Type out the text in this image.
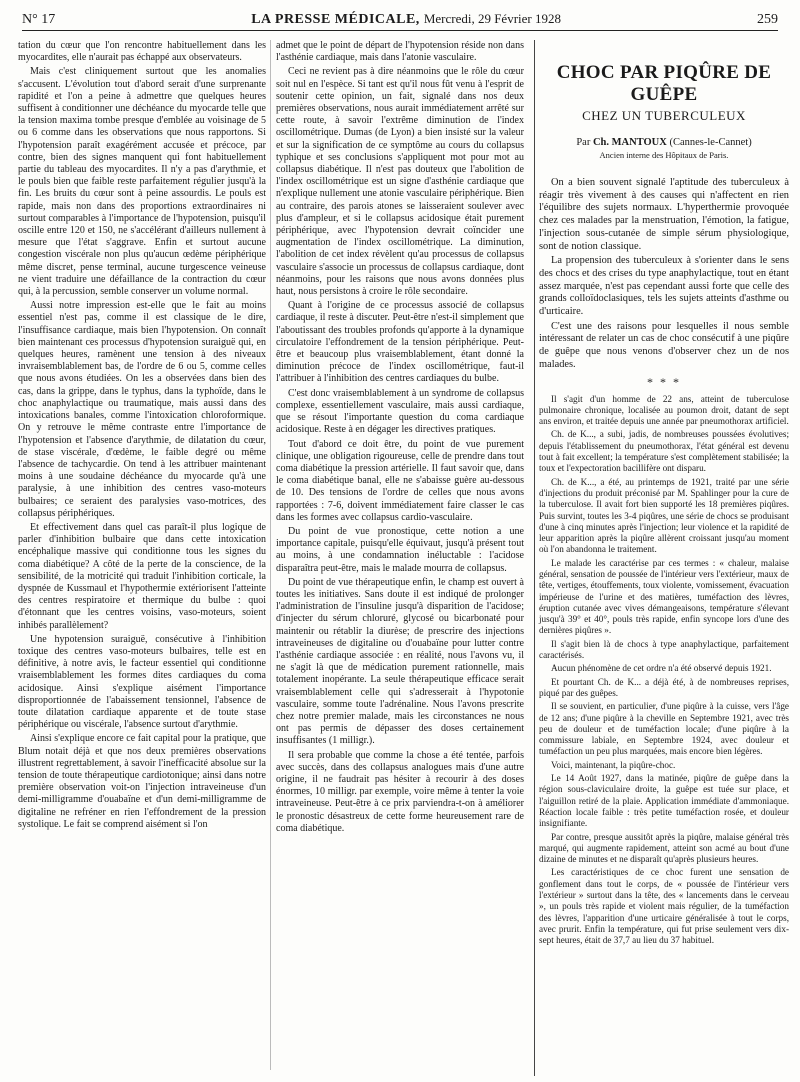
N° 17	LA PRESSE MÉDICALE, Mercredi, 29 Février 1928	259

tation du cœur que l'on rencontre habituellement dans les myocardites, elle n'aurait pas échappé aux observateurs.

Mais c'est cliniquement surtout que les anomalies s'accusent. L'évolution tout d'abord serait d'une surprenante rapidité et l'on a peine à admettre que quelques heures suffisent à conditionner une déchéance du myocarde telle que la tension maxima tombe presque d'emblée au voisinage de 5 ou 6 comme dans les observations que nous rapportons. Si l'hypotension paraît exagérément accusée et précoce, par contre, bien des signes manquent qui font habituellement partie du tableau des myocardites. Il n'y a pas d'arythmie, et le pouls bien que faible reste parfaitement régulier jusqu'à la fin. Les bruits du cœur sont à peine assourdis. Le pouls est rapide, mais non dans des proportions extraordinaires ni surtout comparables à l'importance de l'hypotension, puisqu'il oscille entre 120 et 150, ne s'accélérant d'ailleurs nullement à mesure que l'état s'aggrave. Enfin et surtout aucune congestion viscérale non plus qu'aucun œdème périphérique même discret, pense terminal, aucune turgescence veineuse ne vient traduire une défaillance de la contraction du cœur qui, à la percussion, semble conserver un volume normal.

Aussi notre impression est-elle que le fait au moins essentiel n'est pas, comme il est classique de le dire, l'insuffisance cardiaque, mais bien l'hypotension. On connaît bien maintenant ces processus d'hypotension suraiguë qui, en quelques heures, ramènent une tension à des niveaux invraisemblablement bas, de l'ordre de 6 ou 5, comme celles que nous avons étudiées. On les a observées dans bien des cas, dans la grippe, dans le typhus, dans la typhoïde, dans le choc anaphylactique ou traumatique, mais aussi dans des intoxications banales, comme l'intoxication chloroformique. On y retrouve le même contraste entre l'importance de l'hypotension et l'absence d'arythmie, de dilatation du cœur, de stase viscérale, d'œdème, le faible degré ou même l'absence de tachycardie. On tend à les attribuer maintenant moins à une soudaine déchéance du myocarde qu'à une paralysie, à une inhibition des centres vaso-moteurs bulbaires; ce seraient des paralysies vaso-motrices, des collapsus périphériques.

Et effectivement dans quel cas paraît-il plus logique de parler d'inhibition bulbaire que dans cette intoxication encéphalique massive qui conditionne tous les signes du coma diabétique? A côté de la perte de la conscience, de la sensibilité, de la motricité qui traduit l'inhibition corticale, la dyspnée de Kussmaul et l'hypothermie extériorisent l'atteinte des centres respiratoire et thermique du bulbe : quoi d'étonnant que les centres voisins, vaso-moteurs, soient inhibés parallèlement?

Une hypotension suraiguë, consécutive à l'inhibition toxique des centres vaso-moteurs bulbaires, telle est en définitive, à notre avis, le facteur essentiel qui conditionne vraisemblablement les formes dites cardiaques du coma acidosique. Ainsi s'explique aisément l'importance disproportionnée de l'abaissement tensionnel, l'absence de toute dilatation cardiaque apparente et de toute stase périphérique ou viscérale, l'absence surtout d'arythmie.

Ainsi s'explique encore ce fait capital pour la pratique, que Blum notait déjà et que nos deux premières observations illustrent regrettablement, à savoir l'inefficacité absolue sur la tension de toute thérapeutique cardiotonique; ainsi dans notre première observation voit-on l'injection intraveineuse d'un demi-milligramme d'ouabaïne et d'un demi-milligramme de digitaline ne refréner en rien l'effondrement de la pression systolique. Le fait se comprend aisément si l'on

admet que le point de départ de l'hypotension réside non dans l'asthénie cardiaque, mais dans l'atonie vasculaire.

Ceci ne revient pas à dire néanmoins que le rôle du cœur soit nul en l'espèce. Si tant est qu'il nous fût venu à l'esprit de soutenir cette opinion, un fait, signalé dans nos deux premières observations, nous aurait immédiatement arrêté sur cette route, à savoir l'extrême diminution de l'index oscillométrique. Dumas (de Lyon) a bien insisté sur la valeur et sur la signification de ce symptôme au cours du collapsus typhique et ses conclusions s'appliquent mot pour mot au collapsus diabétique. Il n'est pas douteux que l'abolition de l'index oscillométrique est un signe d'asthénie cardiaque que n'explique nullement une atonie vasculaire périphérique. Bien au contraire, des parois atones se laisseraient soulever avec plus d'ampleur, et si le collapsus acidosique était purement périphérique, avec l'hypotension devrait coïncider une augmentation de l'index oscillométrique. La diminution, l'abolition de cet index révèlent qu'au processus de collapsus vasculaire s'associe un processus de collapsus cardiaque, dont néanmoins, pour les raisons que nous avons données plus haut, nous persistons à croire le rôle secondaire.

Quant à l'origine de ce processus associé de collapsus cardiaque, il reste à discuter. Peut-être n'est-il simplement que l'aboutissant des troubles profonds qu'apporte à la dynamique circulatoire l'effondrement de la tension périphérique. Peut-être et beaucoup plus vraisemblablement, étant donné la diminution précoce de l'index oscillométrique, faut-il l'attribuer à l'inhibition des centres cardiaques du bulbe.

C'est donc vraisemblablement à un syndrome de collapsus complexe, essentiellement vasculaire, mais aussi cardiaque, que se résout l'importante question du coma cardiaque acidosique. Reste à en dégager les directives pratiques.

Tout d'abord ce doit être, du point de vue purement clinique, une obligation rigoureuse, celle de prendre dans tout coma diabétique la pression artérielle. Il faut savoir que, dans le coma diabétique banal, elle ne s'abaisse guère au-dessous de 10. Des tensions de l'ordre de celles que nous avons rapportées : 7-6, doivent immédiatement faire classer le cas dans les formes avec collapsus cardio-vasculaire.

Du point de vue pronostique, cette notion a une importance capitale, puisqu'elle équivaut, jusqu'à présent tout au moins, à une condamnation inéluctable : l'acidose disparaîtra peut-être, mais le malade mourra de collapsus.

Du point de vue thérapeutique enfin, le champ est ouvert à toutes les initiatives. Sans doute il est indiqué de prolonger l'administration de l'insuline jusqu'à disparition de l'acidose; d'injecter du sérum chloruré, glycosé ou bicarbonaté pour maintenir ou rétablir la diurèse; de prescrire des injections intraveineuses de digitaline ou d'ouabaïne pour lutter contre l'asthénie cardiaque associée : en réalité, nous l'avons vu, il ne s'agit là que de médication purement rationnelle, mais totalement inopérante. La seule thérapeutique efficace serait vraisemblablement celle qui s'adresserait à l'hypotonie vasculaire, somme toute l'adrénaline. Nous l'avons prescrite chez notre premier malade, mais les circonstances ne nous ont pas permis de dépasser des doses certainement insuffisantes (1 milligr.).

Il sera probable que comme la chose a été tentée, parfois avec succès, dans des collapsus analogues mais d'une autre origine, il ne faudrait pas hésiter à recourir à des doses énormes, 10 milligr. par exemple, voire même à tenter la voie intraveineuse. Peut-être à ce prix parviendra-t-on à améliorer le pronostic désastreux de cette forme heureusement rare de coma diabétique.

CHOC PAR PIQÛRE DE GUÊPE
CHEZ UN TUBERCULEUX
Par Ch. MANTOUX (Cannes-le-Cannet)
Ancien interne des Hôpitaux de Paris.

On a bien souvent signalé l'aptitude des tuberculeux à réagir très vivement à des causes qui n'affectent en rien l'équilibre des sujets normaux. L'hyperthermie provoquée chez ces malades par la menstruation, l'émotion, la fatigue, l'injection sous-cutanée de simple sérum physiologique, sont de notion classique.

La propension des tuberculeux à s'orienter dans le sens des chocs et des crises du type anaphylactique, tout en étant assez marquée, n'est pas cependant aussi forte que celle des grands colloïdoclasiques, tels les sujets atteints d'asthme ou d'urticaire.

C'est une des raisons pour lesquelles il nous semble intéressant de relater un cas de choc consécutif à une piqûre de guêpe que nous venons d'observer chez un de nos malades.

* * *

Il s'agit d'un homme de 22 ans, atteint de tuberculose pulmonaire chronique, localisée au poumon droit, datant de sept ans environ, et traitée depuis une année par pneumothorax artificiel.

Ch. de K..., a subi, jadis, de nombreuses poussées évolutives; depuis l'établissement du pneumothorax, l'état général est devenu tout à fait excellent; la température s'est complètement stabilisée; la toux et l'expectoration bacillifère ont disparu.

Ch. de K..., a été, au printemps de 1921, traité par une série d'injections du produit préconisé par M. Spahlinger pour la cure de la tuberculose. Il avait fort bien supporté les 18 premières piqûres. Puis survint, toutes les 3-4 piqûres, une série de chocs se produisant d'une à cinq minutes après l'injection; leur violence et la rapidité de leur apparition après la piqûre allèrent croissant jusqu'au moment où l'on abandonna le traitement.

Le malade les caractérise par ces termes : « chaleur, malaise général, sensation de poussée de l'intérieur vers l'extérieur, maux de tête, vertiges, étouffements, toux violente, vomissement, évacuation impérieuse de l'urine et des matières, tuméfaction des lèvres, éruption cutanée avec vives démangeaisons, température s'élevant jusqu'à 39° et 40°, pouls très rapide, enfin syncope lors d'une des dernières piqûres ».

Il s'agit bien là de chocs à type anaphylactique, parfaitement caractérisés.

Aucun phénomène de cet ordre n'a été observé depuis 1921.

Et pourtant Ch. de K... a déjà été, à de nombreuses reprises, piqué par des guêpes.

Il se souvient, en particulier, d'une piqûre à la cuisse, vers l'âge de 12 ans; d'une piqûre à la cheville en Septembre 1921, avec très peu de douleur et de tuméfaction locale; d'une piqûre à la commissure labiale, en Septembre 1924, avec douleur et tuméfaction un peu plus marquées, mais encore bien légères.

Voici, maintenant, la piqûre-choc.

Le 14 Août 1927, dans la matinée, piqûre de guêpe dans la région sous-claviculaire droite, la guêpe est tuée sur place, et l'aiguillon retiré de la plaie. Application immédiate d'ammoniaque. Réaction locale faible : très petite tuméfaction rosée, et douleur insignifiante.

Par contre, presque aussitôt après la piqûre, malaise général très marqué, qui augmente rapidement, atteint son acmé au bout d'une dizaine de minutes et ne disparaît qu'après plusieurs heures.

Les caractéristiques de ce choc furent une sensation de gonflement dans tout le corps, de « poussée de l'intérieur vers l'extérieur » surtout dans la tête, des « lancements dans le cerveau », un pouls très rapide et violent mais régulier, de la tuméfaction des lèvres, l'apparition d'une urticaire généralisée à tout le corps, avec prurit. Enfin la température, qui fut prise seulement vers dix-sept heures, était de 37,7 au lieu du 37 habituel.
